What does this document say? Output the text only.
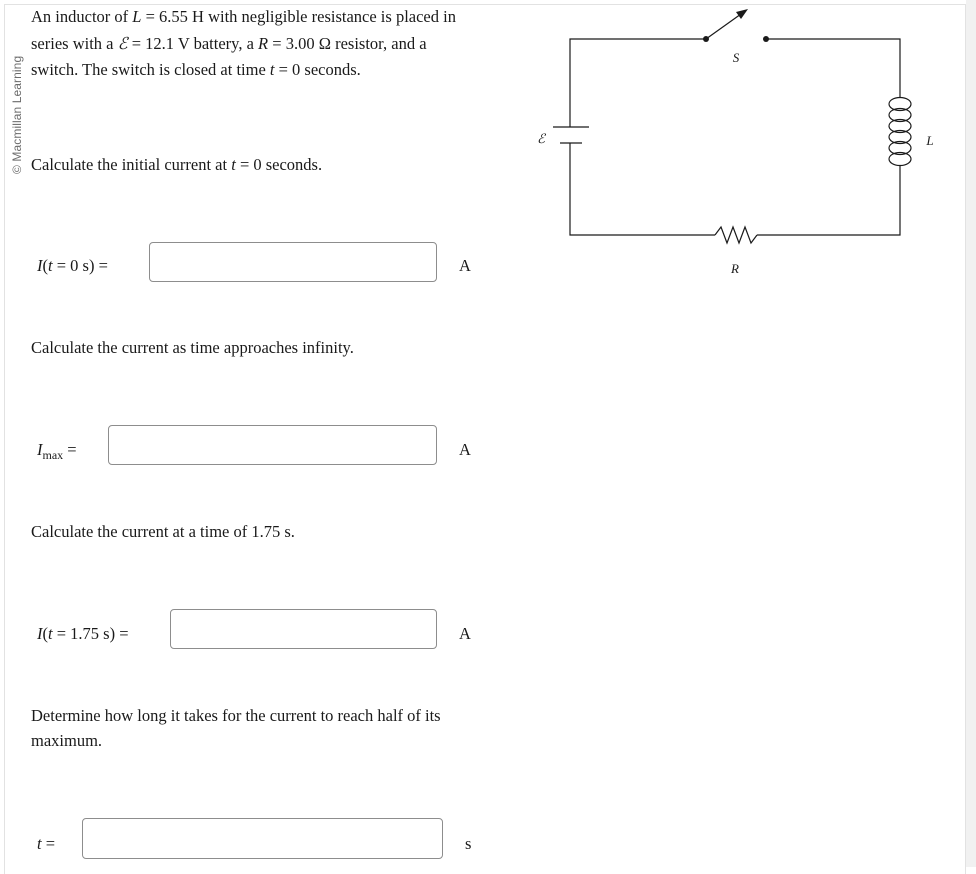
© Macmillan Learning
An inductor of L = 6.55 H with negligible resistance is placed in series with a ℰ = 12.1 V battery, a R = 3.00 Ω resistor, and a switch. The switch is closed at time t = 0 seconds.
Calculate the initial current at t = 0 seconds.
I(t = 0 s) =	A
Calculate the current as time approaches infinity.
$I_{max}$ =	A
Calculate the current at a time of 1.75 s.
I(t = 1.75 s) =	A
Determine how long it takes for the current to reach half of its maximum.
t =	s
S
ℰ	L
R
